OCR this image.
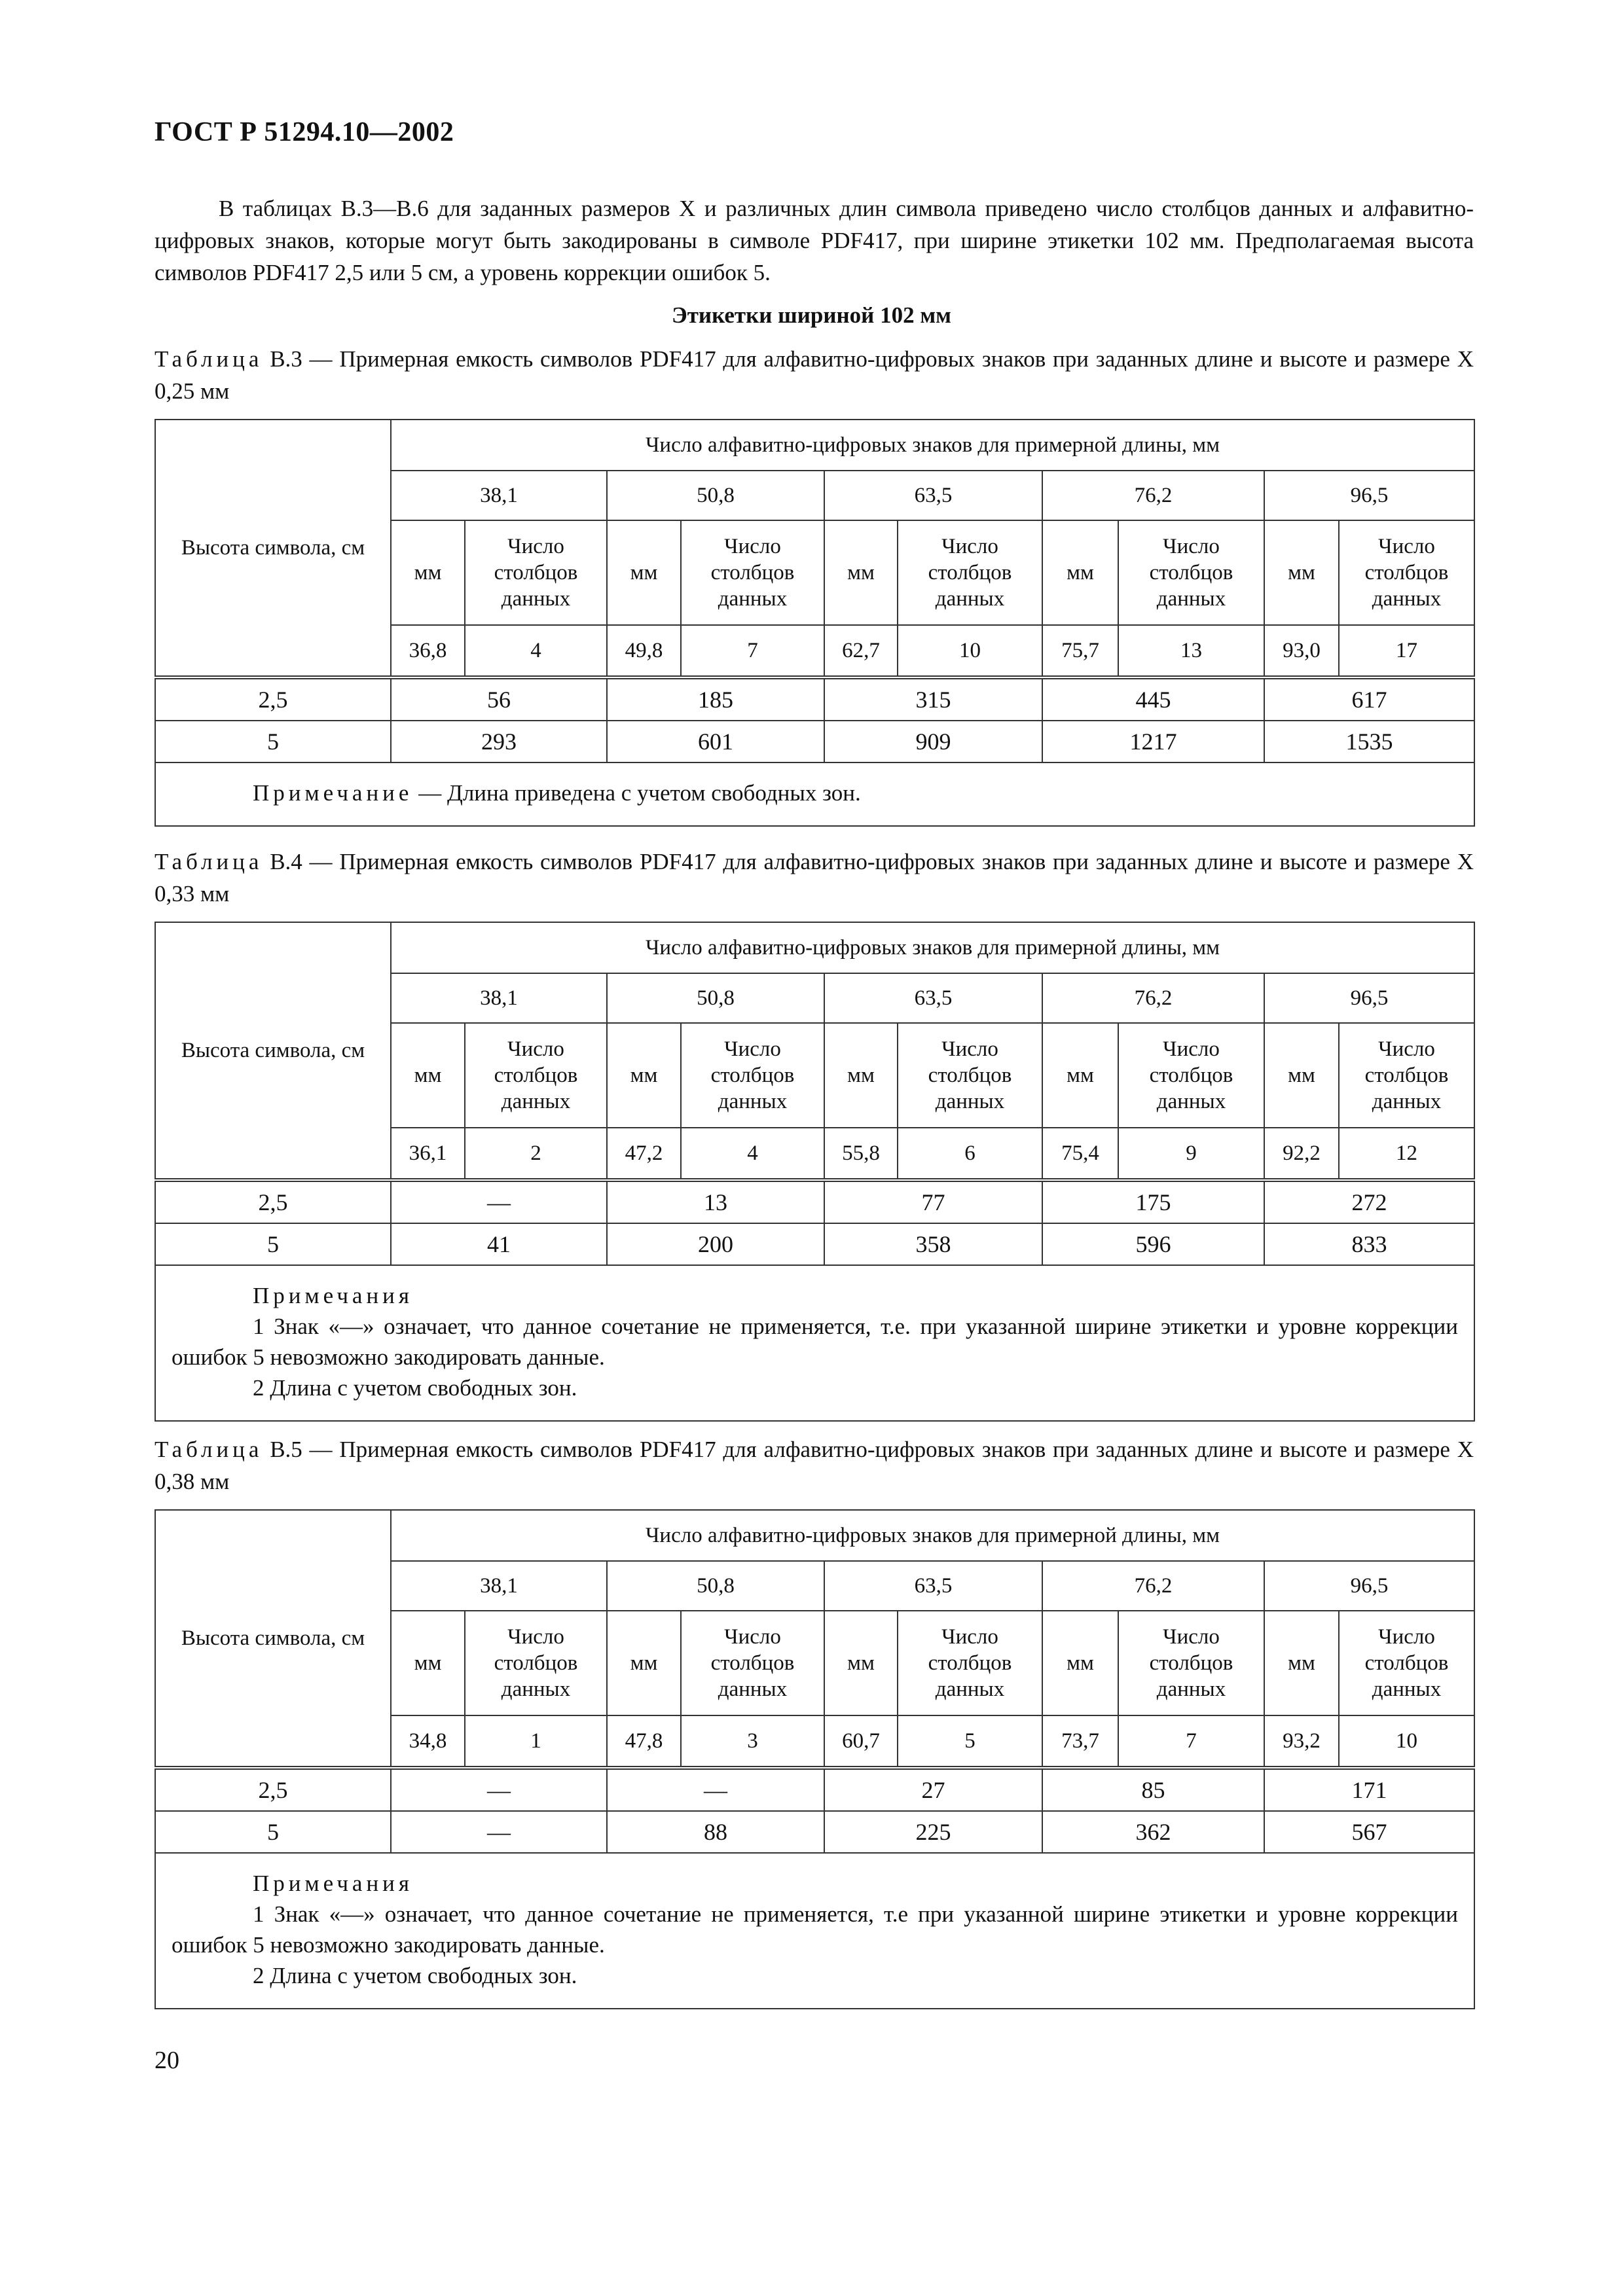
ГОСТ Р 51294.10—2002
В таблицах В.3—В.6 для заданных размеров X и различных длин символа приведено число столбцов данных и алфавитно-цифровых знаков, которые могут быть закодированы в символе PDF417, при ширине этикетки 102 мм. Предполагаемая высота символов PDF417 2,5 или 5 см, а уровень коррекции ошибок 5.
Этикетки шириной 102 мм
Таблица В.3 — Примерная емкость символов PDF417 для алфавитно-цифровых знаков при заданных длине и высоте и размере X 0,25 мм
Высота символа, см	Число алфавитно-цифровых знаков для примерной длины, мм									
	38,1		50,8		63,5		76,2		96,5	
	мм	Число столбцов данных	мм	Число столбцов данных	мм	Число столбцов данных	мм	Число столбцов данных	мм	Число столбцов данных
	36,8	4	49,8	7	62,7	10	75,7	13	93,0	17
2,5	56		185		315		445		617	
5	293		601		909		1217		1535	

Примечание — Длина приведена с учетом свободных зон.										
Таблица В.4 — Примерная емкость символов PDF417 для алфавитно-цифровых знаков при заданных длине и высоте и размере X 0,33 мм
Высота символа, см	Число алфавитно-цифровых знаков для примерной длины, мм									
	38,1		50,8		63,5		76,2		96,5	
	мм	Число столбцов данных	мм	Число столбцов данных	мм	Число столбцов данных	мм	Число столбцов данных	мм	Число столбцов данных
	36,1	2	47,2	4	55,8	6	75,4	9	92,2	12
2,5	—		13		77		175		272	
5	41		200		358		596		833	

Примечания
1 Знак «—» означает, что данное сочетание не применяется, т.е. при указанной ширине этикетки и уровне коррекции ошибок 5 невозможно закодировать данные.
2 Длина с учетом свободных зон.										
Таблица В.5 — Примерная емкость символов PDF417 для алфавитно-цифровых знаков при заданных длине и высоте и размере X 0,38 мм
Высота символа, см	Число алфавитно-цифровых знаков для примерной длины, мм									
	38,1		50,8		63,5		76,2		96,5	
	мм	Число столбцов данных	мм	Число столбцов данных	мм	Число столбцов данных	мм	Число столбцов данных	мм	Число столбцов данных
	34,8	1	47,8	3	60,7	5	73,7	7	93,2	10
2,5	—		—		27		85		171	
5	—		88		225		362		567	

Примечания
1 Знак «—» означает, что данное сочетание не применяется, т.е при указанной ширине этикетки и уровне коррекции ошибок 5 невозможно закодировать данные.
2 Длина с учетом свободных зон.										
20
